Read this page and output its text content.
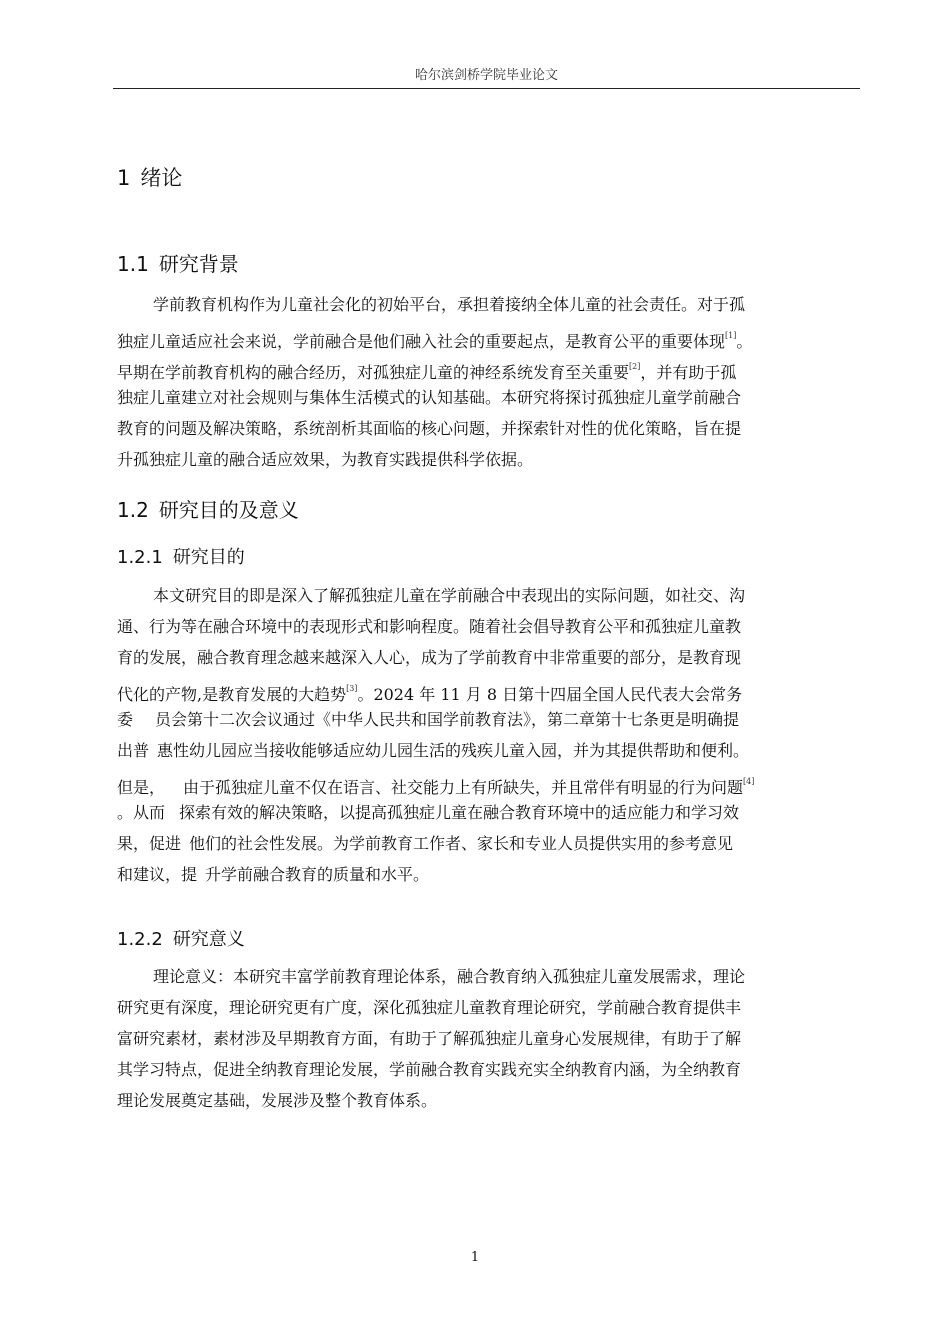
哈尔滨剑桥学院毕业论文
1 绪论
1.1 研究背景
学前教育机构作为儿童社会化的初始平台，承担着接纳全体儿童的社会责任。对于孤
独症儿童适应社会来说，学前融合是他们融入社会的重要起点，是教育公平的重要体现[1]。
早期在学前教育机构的融合经历，对孤独症儿童的神经系统发育至关重要[2]，并有助于孤
独症儿童建立对社会规则与集体生活模式的认知基础。本研究将探讨孤独症儿童学前融合
教育的问题及解决策略，系统剖析其面临的核心问题，并探索针对性的优化策略，旨在提
升孤独症儿童的融合适应效果，为教育实践提供科学依据。
1.2 研究目的及意义
1.2.1 研究目的
本文研究目的即是深入了解孤独症儿童在学前融合中表现出的实际问题，如社交、沟
通、行为等在融合环境中的表现形式和影响程度。随着社会倡导教育公平和孤独症儿童教
育的发展，融合教育理念越来越深入人心，成为了学前教育中非常重要的部分，是教育现
代化的产物,是教育发展的大趋势[3]。2024 年 11 月 8 日第十四届全国人民代表大会常务
委 员会第十二次会议通过《中华人民共和国学前教育法》，第二章第十七条更是明确提
出普 惠性幼儿园应当接收能够适应幼儿园生活的残疾儿童入园，并为其提供帮助和便利。
但是， 由于孤独症儿童不仅在语言、社交能力上有所缺失，并且常伴有明显的行为问题[4]
。从而 探索有效的解决策略，以提高孤独症儿童在融合教育环境中的适应能力和学习效
果，促进 他们的社会性发展。为学前教育工作者、家长和专业人员提供实用的参考意见
和建议，提 升学前融合教育的质量和水平。
1.2.2 研究意义
理论意义：本研究丰富学前教育理论体系，融合教育纳入孤独症儿童发展需求，理论
研究更有深度，理论研究更有广度，深化孤独症儿童教育理论研究，学前融合教育提供丰
富研究素材，素材涉及早期教育方面，有助于了解孤独症儿童身心发展规律，有助于了解
其学习特点，促进全纳教育理论发展，学前融合教育实践充实全纳教育内涵，为全纳教育
理论发展奠定基础，发展涉及整个教育体系。
1
